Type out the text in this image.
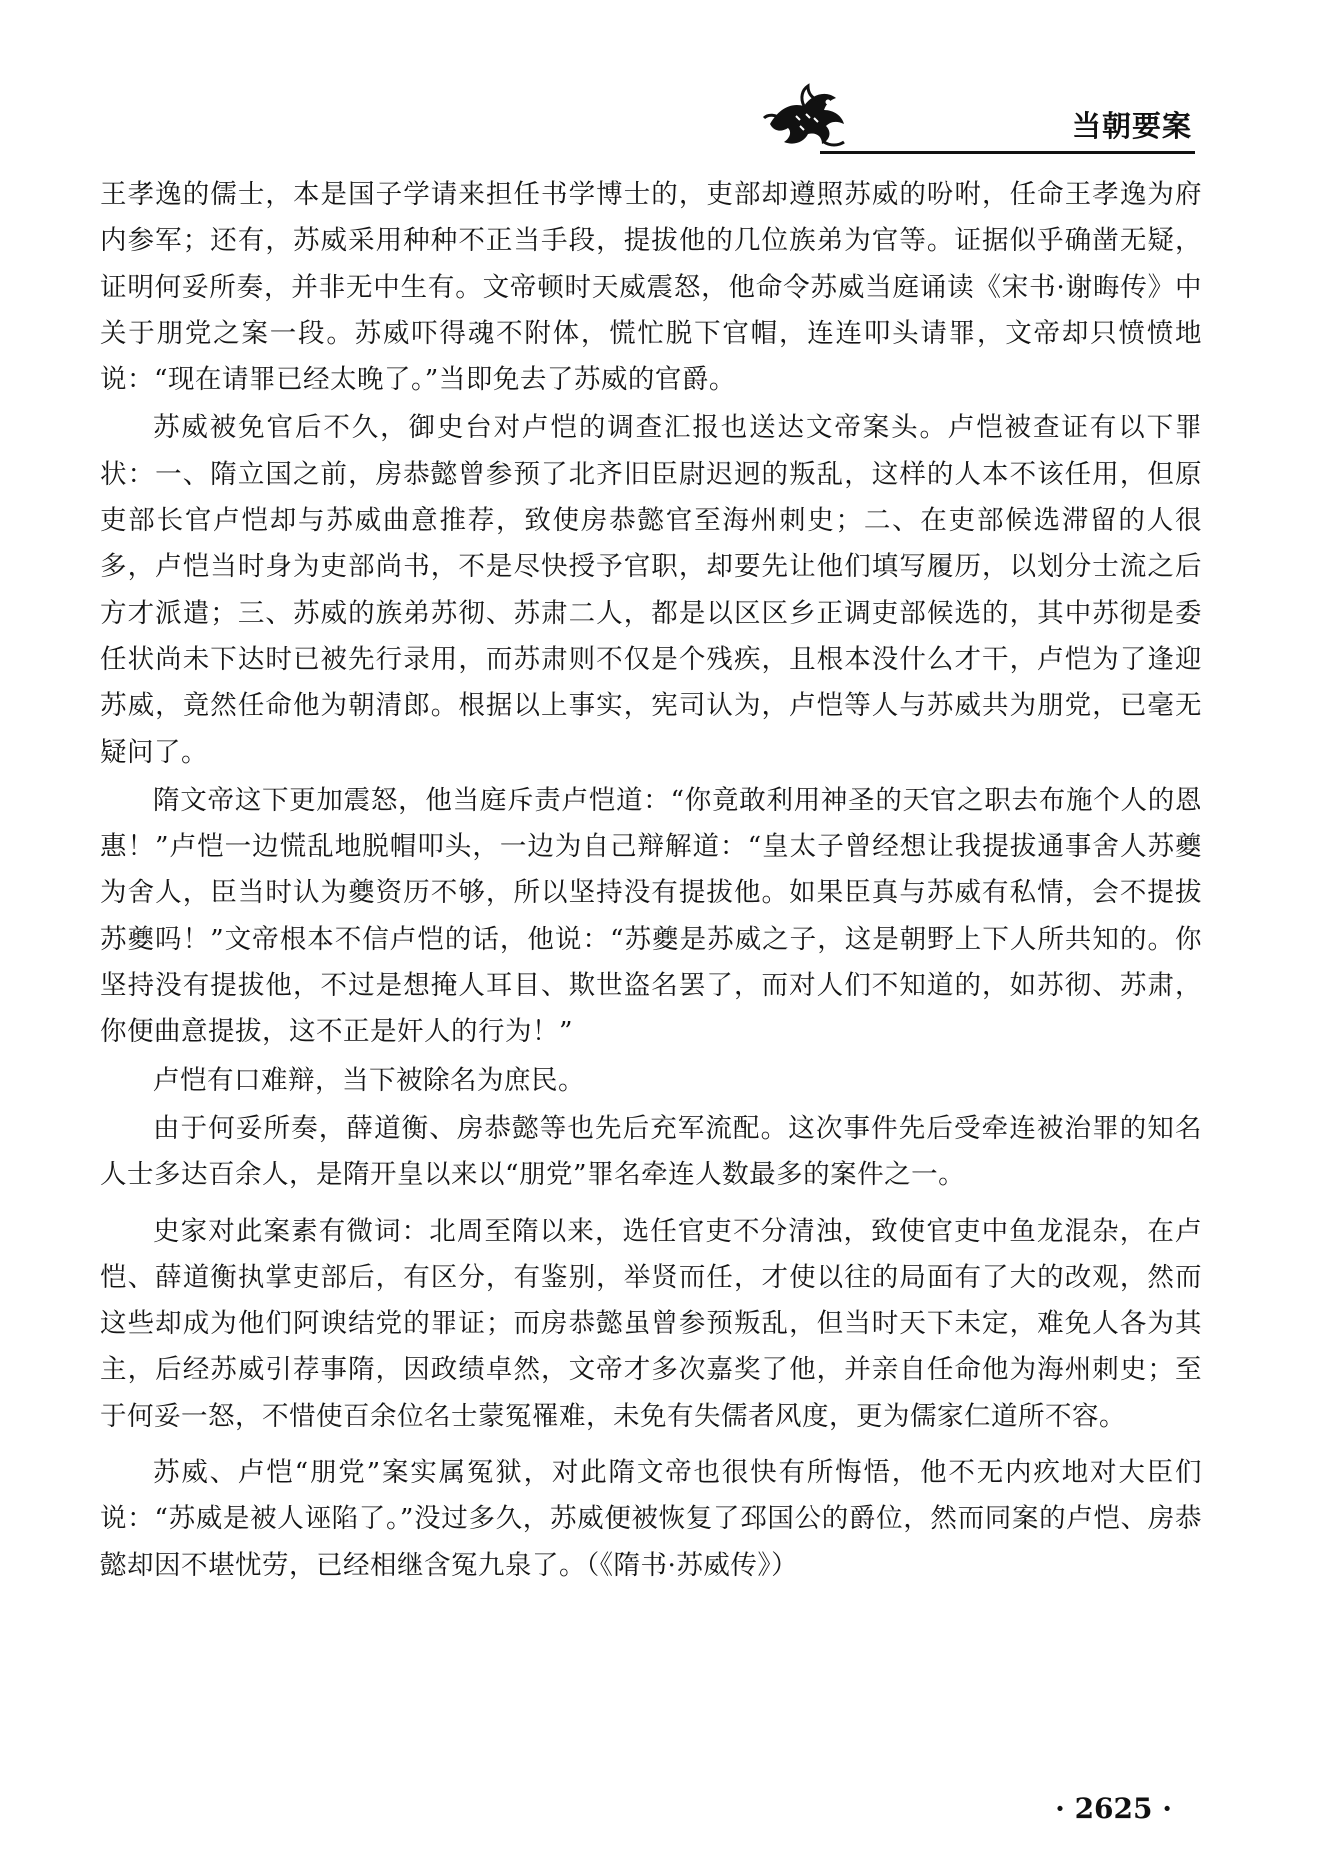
当朝要案

王孝逸的儒士，本是国子学请来担任书学博士的，吏部却遵照苏威的吩咐，任命王孝逸为府内参军；还有，苏威采用种种不正当手段，提拔他的几位族弟为官等。证据似乎确凿无疑，证明何妥所奏，并非无中生有。文帝顿时天威震怒，他命令苏威当庭诵读《宋书·谢晦传》中关于朋党之案一段。苏威吓得魂不附体，慌忙脱下官帽，连连叩头请罪，文帝却只愤愤地说：“现在请罪已经太晚了。”当即免去了苏威的官爵。

苏威被免官后不久，御史台对卢恺的调查汇报也送达文帝案头。卢恺被查证有以下罪状：一、隋立国之前，房恭懿曾参预了北齐旧臣尉迟迥的叛乱，这样的人本不该任用，但原吏部长官卢恺却与苏威曲意推荐，致使房恭懿官至海州刺史；二、在吏部候选滞留的人很多，卢恺当时身为吏部尚书，不是尽快授予官职，却要先让他们填写履历，以划分士流之后方才派遣；三、苏威的族弟苏彻、苏肃二人，都是以区区乡正调吏部候选的，其中苏彻是委任状尚未下达时已被先行录用，而苏肃则不仅是个残疾，且根本没什么才干，卢恺为了逢迎苏威，竟然任命他为朝清郎。根据以上事实，宪司认为，卢恺等人与苏威共为朋党，已毫无疑问了。

隋文帝这下更加震怒，他当庭斥责卢恺道：“你竟敢利用神圣的天官之职去布施个人的恩惠！”卢恺一边慌乱地脱帽叩头，一边为自己辩解道：“皇太子曾经想让我提拔通事舍人苏夔为舍人，臣当时认为夔资历不够，所以坚持没有提拔他。如果臣真与苏威有私情，会不提拔苏夔吗！”文帝根本不信卢恺的话，他说：“苏夔是苏威之子，这是朝野上下人所共知的。你坚持没有提拔他，不过是想掩人耳目、欺世盗名罢了，而对人们不知道的，如苏彻、苏肃，你便曲意提拔，这不正是奸人的行为！”

卢恺有口难辩，当下被除名为庶民。

由于何妥所奏，薛道衡、房恭懿等也先后充军流配。这次事件先后受牵连被治罪的知名人士多达百余人，是隋开皇以来以“朋党”罪名牵连人数最多的案件之一。

史家对此案素有微词：北周至隋以来，选任官吏不分清浊，致使官吏中鱼龙混杂，在卢恺、薛道衡执掌吏部后，有区分，有鉴别，举贤而任，才使以往的局面有了大的改观，然而这些却成为他们阿谀结党的罪证；而房恭懿虽曾参预叛乱，但当时天下未定，难免人各为其主，后经苏威引荐事隋，因政绩卓然，文帝才多次嘉奖了他，并亲自任命他为海州刺史；至于何妥一怒，不惜使百余位名士蒙冤罹难，未免有失儒者风度，更为儒家仁道所不容。

苏威、卢恺“朋党”案实属冤狱，对此隋文帝也很快有所悔悟，他不无内疚地对大臣们说：“苏威是被人诬陷了。”没过多久，苏威便被恢复了邳国公的爵位，然而同案的卢恺、房恭懿却因不堪忧劳，已经相继含冤九泉了。（《隋书·苏威传》）

· 2625 ·
